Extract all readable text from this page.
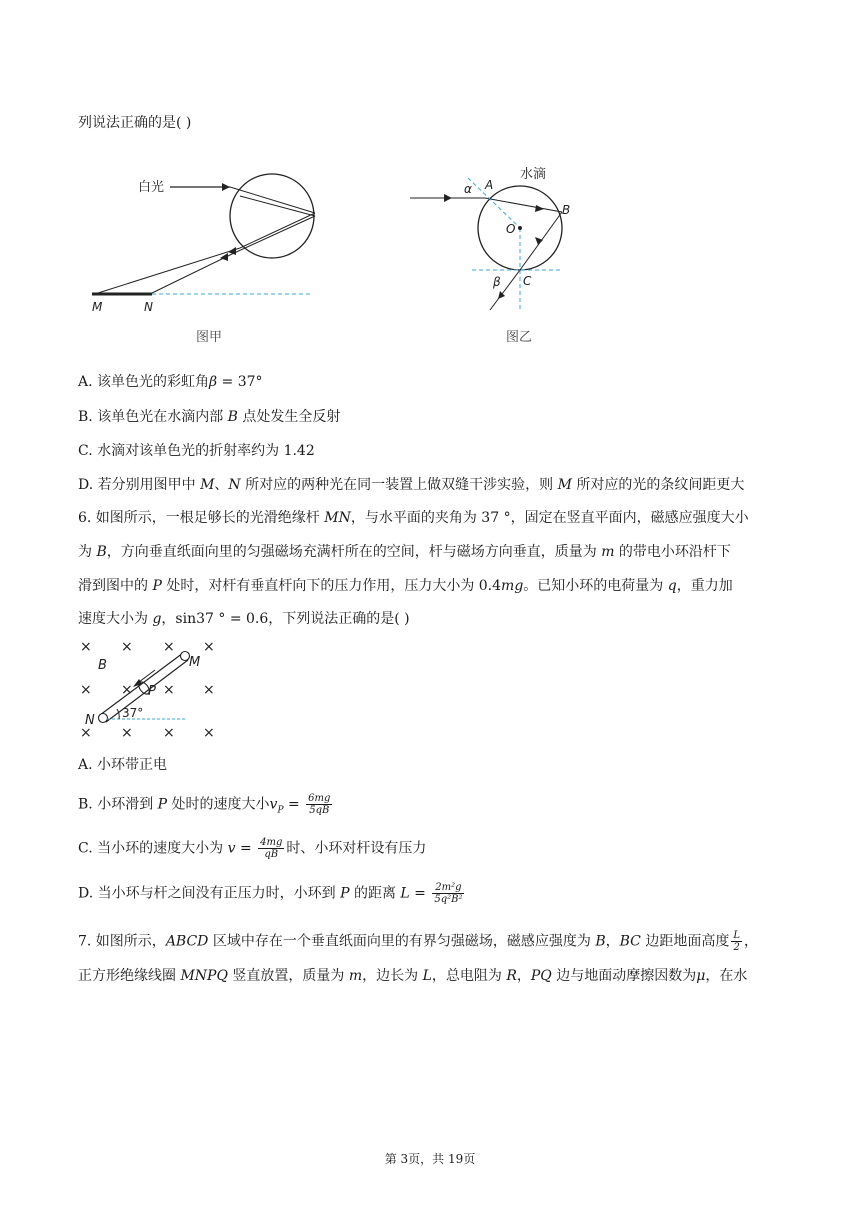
列说法正确的是( )
白光
M	N
图甲
水滴
α A
B
O
β C
图乙
A. 该单色光的彩虹角β = 37°
B. 该单色光在水滴内部 B 点处发生全反射
C. 水滴对该单色光的折射率约为 1.42
D. 若分别用图甲中 M、N 所对应的两种光在同一装置上做双缝干涉实验，则 M 所对应的光的条纹间距更大
6. 如图所示，一根足够长的光滑绝缘杆 MN，与水平面的夹角为 37 °，固定在竖直平面内，磁感应强度大小
为 B，方向垂直纸面向里的匀强磁场充满杆所在的空间，杆与磁场方向垂直，质量为 m 的带电小环沿杆下
滑到图中的 P 处时，对杆有垂直杆向下的压力作用，压力大小为 0.4mg。已知小环的电荷量为 q，重力加
速度大小为 g，sin37 ° = 0.6，下列说法正确的是( )
× × × ×
× × × ×
× × × ×
B	M
P
N 37°
A. 小环带正电
B. 小环滑到 P 处时的速度大小$v_P = \frac{6mg}{5qB}$
C. 当小环的速度大小为 $v = \frac{4mg}{qB}$ 时、小环对杆设有压力
D. 当小环与杆之间没有正压力时，小环到 P 的距离 $L = \frac{\text{2m²g}}{\text{5q²B²}}$
7. 如图所示，ABCD 区域中存在一个垂直纸面向里的有界匀强磁场，磁感应强度为 B，BC 边距地面高度 $\frac{L}{2}$ ，
正方形绝缘线圈 MNPQ 竖直放置，质量为 m，边长为 L，总电阻为 R，PQ 边与地面动摩擦因数为μ，在水
第 3页，共 19页
